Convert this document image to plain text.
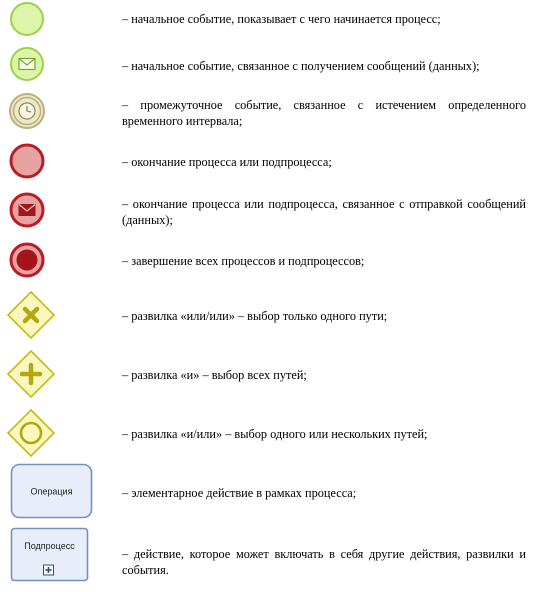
– начальное событие, показывает с чего начинается процесс;
– начальное событие, связанное с получением сообщений (данных);
– промежуточное событие, связанное с истечением определенного временного интервала;
– окончание процесса или подпроцесса;
– окончание процесса или подпроцесса, связанное с отправкой сообщений (данных);
– завершение всех процессов и подпроцессов;
– развилка «или/или» – выбор только одного пути;
– развилка «и» – выбор всех путей;
– развилка «и/или» – выбор одного или нескольких путей;
Операция	– элементарное действие в рамках процесса;
Подпроцесс
– действие, которое может включать в себя другие действия, развилки и события.
